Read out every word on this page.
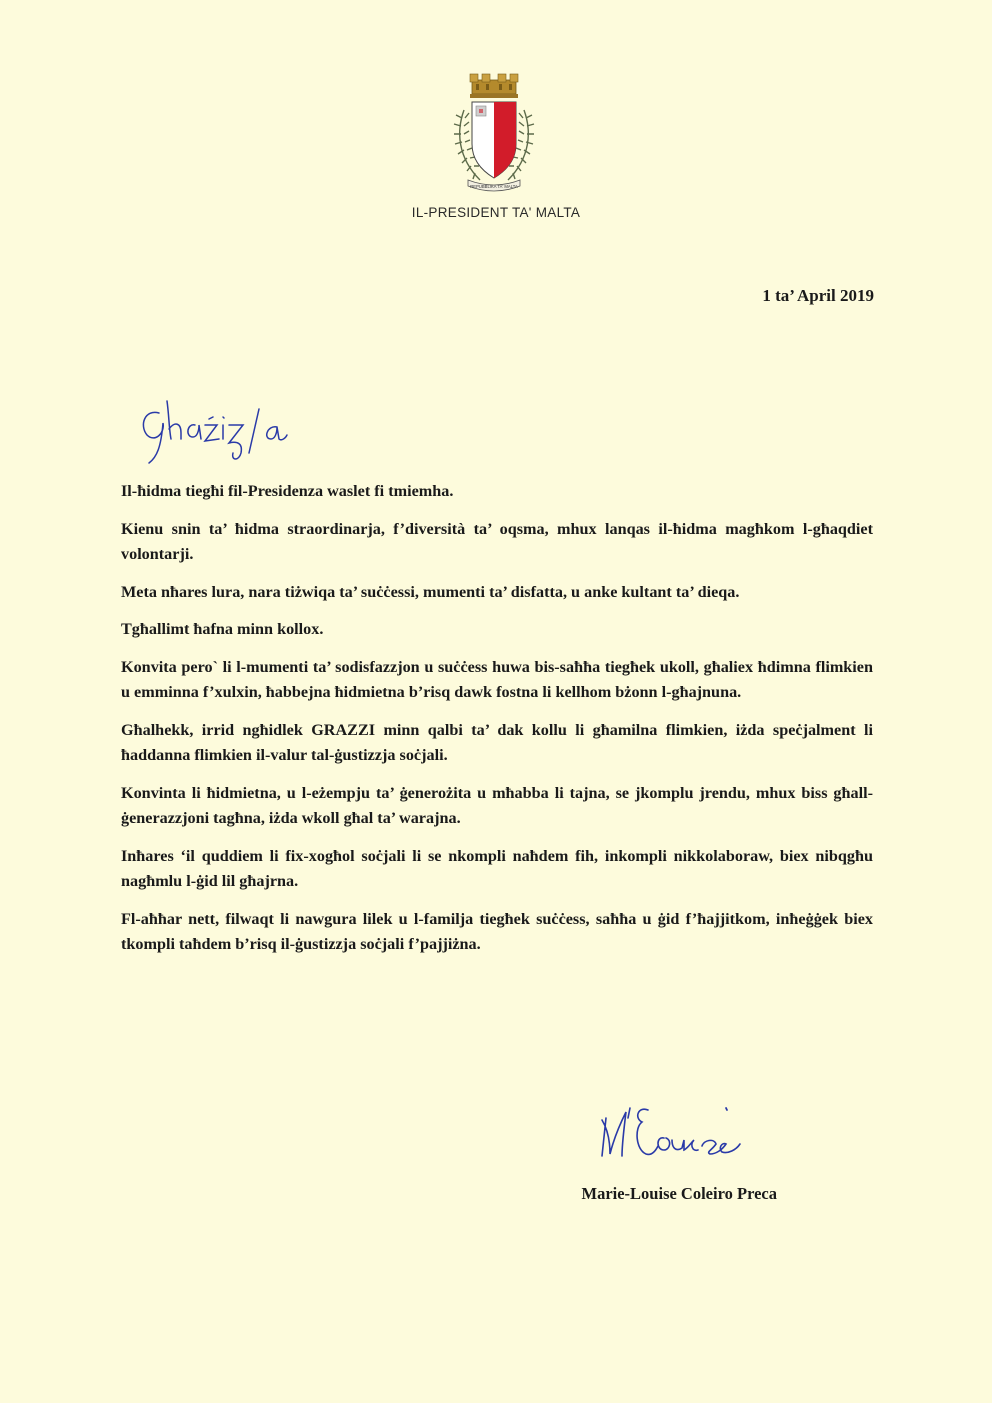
REPUBBLIKA TA' MALTA
IL-PRESIDENT TA' MALTA
1 ta’ April 2019
għażiż/a

Il-ħidma tiegħi fil-Presidenza waslet fi tmiemha.

Kienu snin ta’ ħidma straordinarja, f’diversità ta’ oqsma, mhux lanqas il-ħidma magħkom l-għaqdiet volontarji.

Meta nħares lura, nara tiżwiqa ta’ suċċessi, mumenti ta’ disfatta, u anke kultant ta’ dieqa.

Tgħallimt ħafna minn kollox.

Konvita pero` li l-mumenti ta’ sodisfazzjon u suċċess huwa bis-saħħa tiegħek ukoll, għaliex ħdimna flimkien u emminna f’xulxin, ħabbejna ħidmietna b’risq dawk fostna li kellhom bżonn l-għajnuna.

Għalhekk, irrid ngħidlek GRAZZI minn qalbi ta’ dak kollu li għamilna flimkien, iżda speċjalment li ħaddanna flimkien il-valur tal-ġustizzja soċjali.

Konvinta li ħidmietna, u l-eżempju ta’ ġenerożita u mħabba li tajna, se jkomplu jrendu, mhux biss għall-ġenerazzjoni tagħna, iżda wkoll għal ta’ warajna.

Inħares ‘il quddiem li fix-xogħol soċjali li se nkompli naħdem fih, inkompli nikkolaboraw, biex nibqgħu nagħmlu l-ġid lil għajrna.

Fl-aħħar nett, filwaqt li nawgura lilek u l-familja tiegħek suċċess, saħħa u ġid f’ħajjitkom, inħeġġek biex tkompli taħdem b’risq il-ġustizzja soċjali f’pajjiżna.

M'Louise
Marie-Louise Coleiro Preca
